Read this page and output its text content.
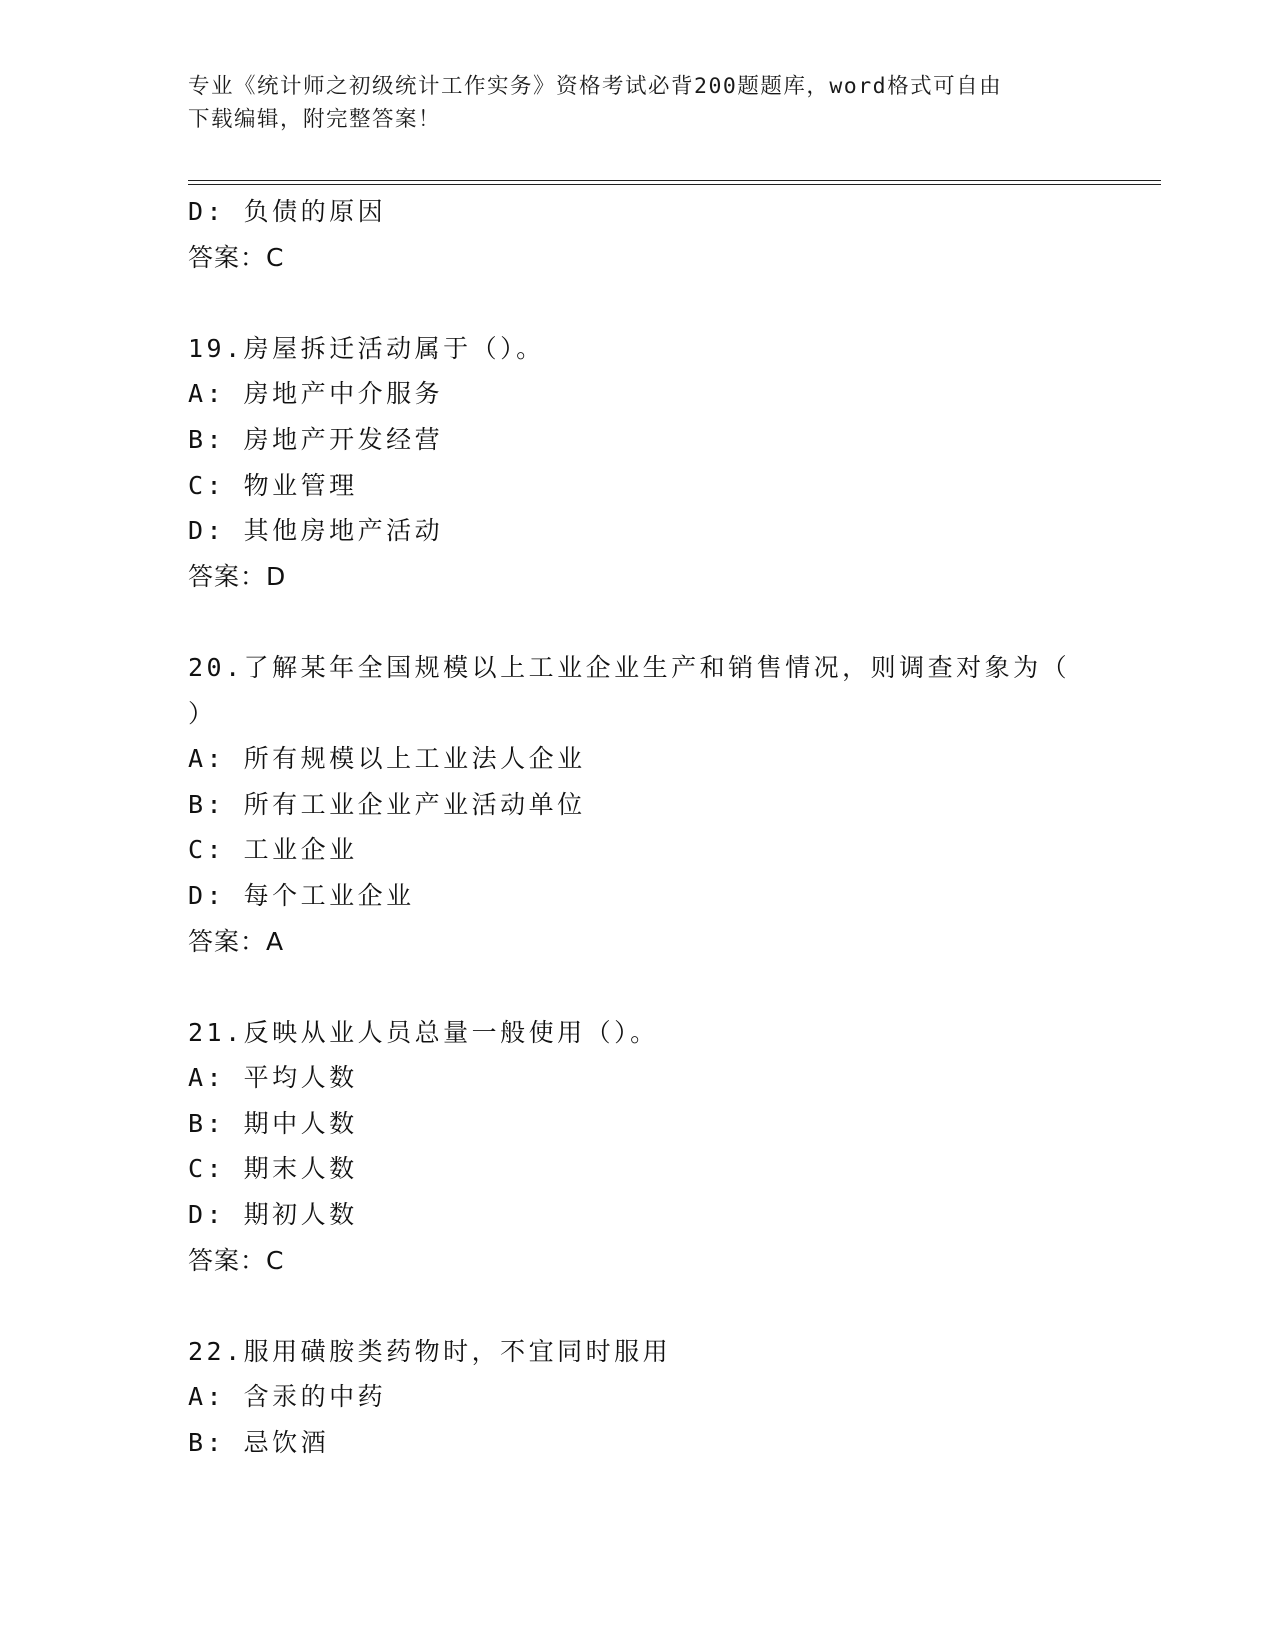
专业《统计师之初级统计工作实务》资格考试必背200题题库，word格式可自由
下载编辑，附完整答案！
D: 负债的原因
答案：C
19.房屋拆迁活动属于（）。
A: 房地产中介服务
B: 房地产开发经营
C: 物业管理
D: 其他房地产活动
答案：D
20.了解某年全国规模以上工业企业生产和销售情况，则调查对象为（
）
A: 所有规模以上工业法人企业
B: 所有工业企业产业活动单位
C: 工业企业
D: 每个工业企业
答案：A
21.反映从业人员总量一般使用（）。
A: 平均人数
B: 期中人数
C: 期末人数
D: 期初人数
答案：C
22.服用磺胺类药物时，不宜同时服用
A: 含汞的中药
B: 忌饮酒
